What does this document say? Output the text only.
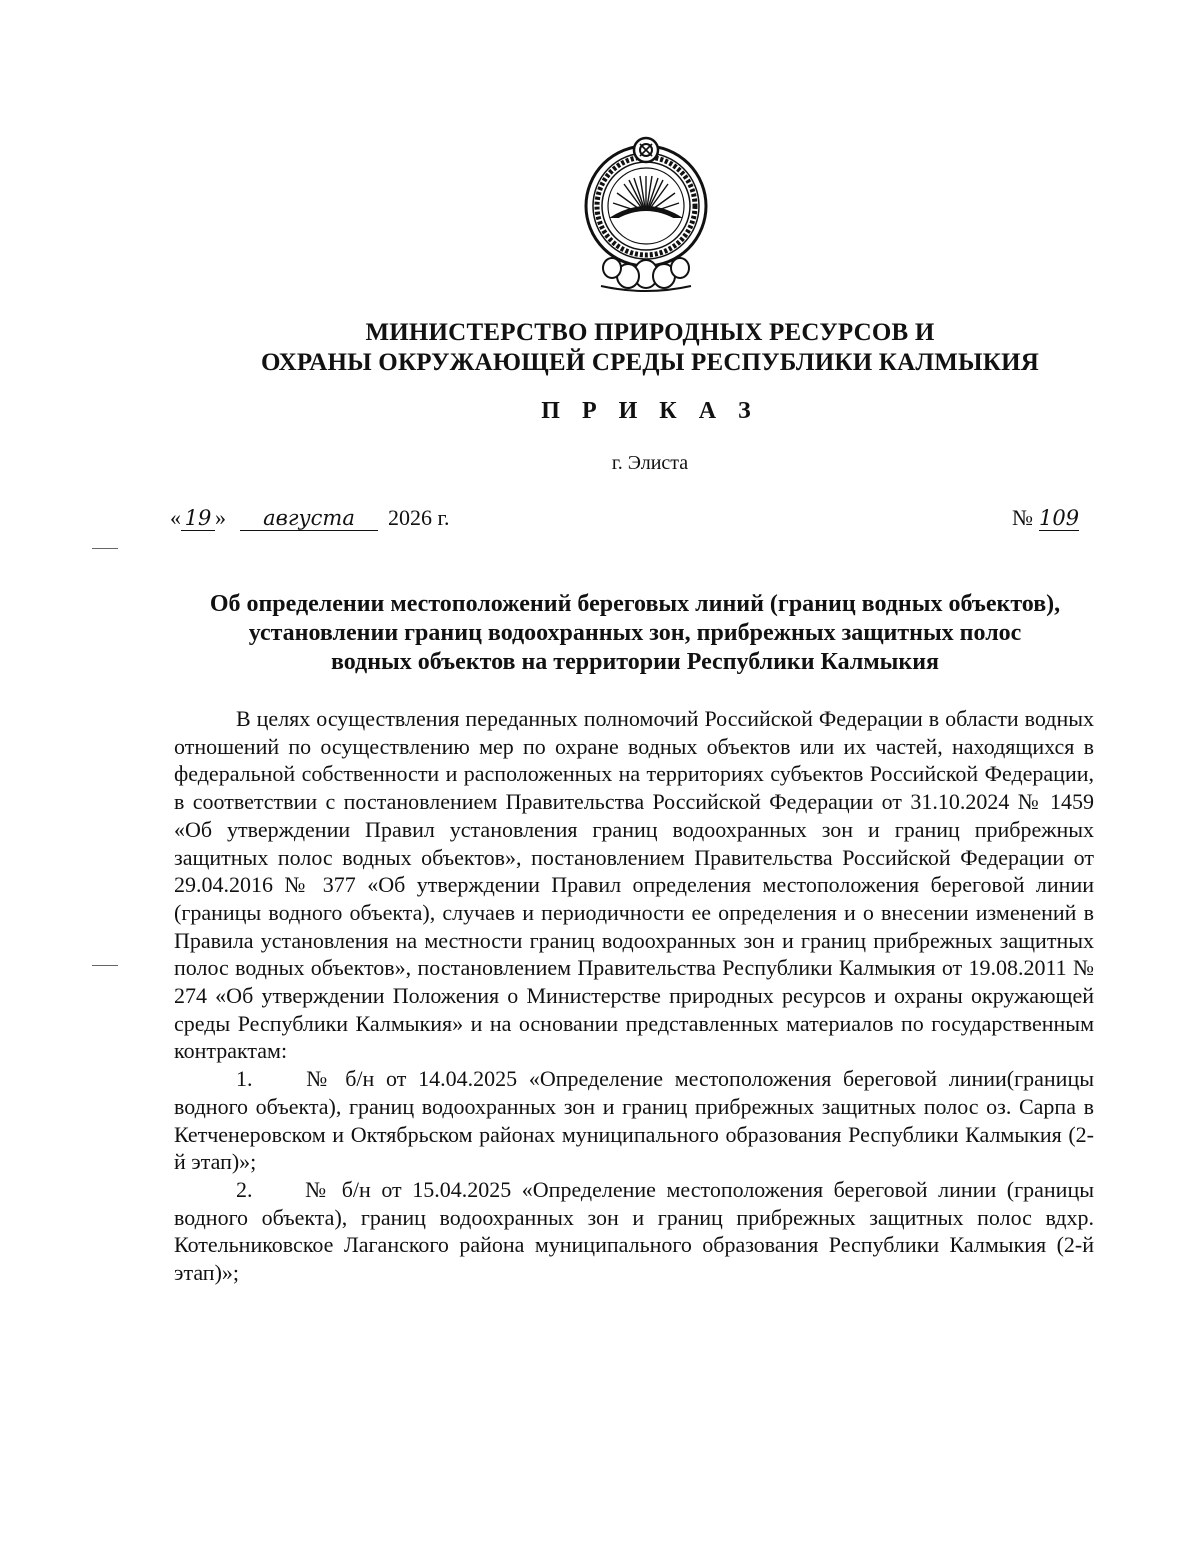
МИНИСТЕРСТВО ПРИРОДНЫХ РЕСУРСОВ И
ОХРАНЫ ОКРУЖАЮЩЕЙ СРЕДЫ РЕСПУБЛИКИ КАЛМЫКИЯ
П Р И К А З
г. Элиста
« 19 » августа 2026 г.	№ 109
Об определении местоположений береговых линий (границ водных объектов),
установлении границ водоохранных зон, прибрежных защитных полос
водных объектов на территории Республики Калмыкия

В целях осуществления переданных полномочий Российской Федерации в области водных отношений по осуществлению мер по охране водных объектов или их частей, находящихся в федеральной собственности и расположенных на территориях субъектов Российской Федерации, в соответствии с постановлением Правительства Российской Федерации от 31.10.2024 № 1459 «Об утверждении Правил установления границ водоохранных зон и границ прибрежных защитных полос водных объектов», постановлением Правительства Российской Федерации от 29.04.2016 № 377 «Об утверждении Правил определения местоположения береговой линии (границы водного объекта), случаев и периодичности ее определения и о внесении изменений в Правила установления на местности границ водоохранных зон и границ прибрежных защитных полос водных объектов», постановлением Правительства Республики Калмыкия от 19.08.2011 № 274 «Об утверждении Положения о Министерстве природных ресурсов и охраны окружающей среды Республики Калмыкия» и на основании представленных материалов по государственным контрактам:

1. № б/н от 14.04.2025 «Определение местоположения береговой линии(границы водного объекта), границ водоохранных зон и границ прибрежных защитных полос оз. Сарпа в Кетченеровском и Октябрьском районах муниципального образования Республики Калмыкия (2-й этап)»;

2. № б/н от 15.04.2025 «Определение местоположения береговой линии (границы водного объекта), границ водоохранных зон и границ прибрежных защитных полос вдхр. Котельниковское Лаганского района муниципального образования Республики Калмыкия (2-й этап)»;
